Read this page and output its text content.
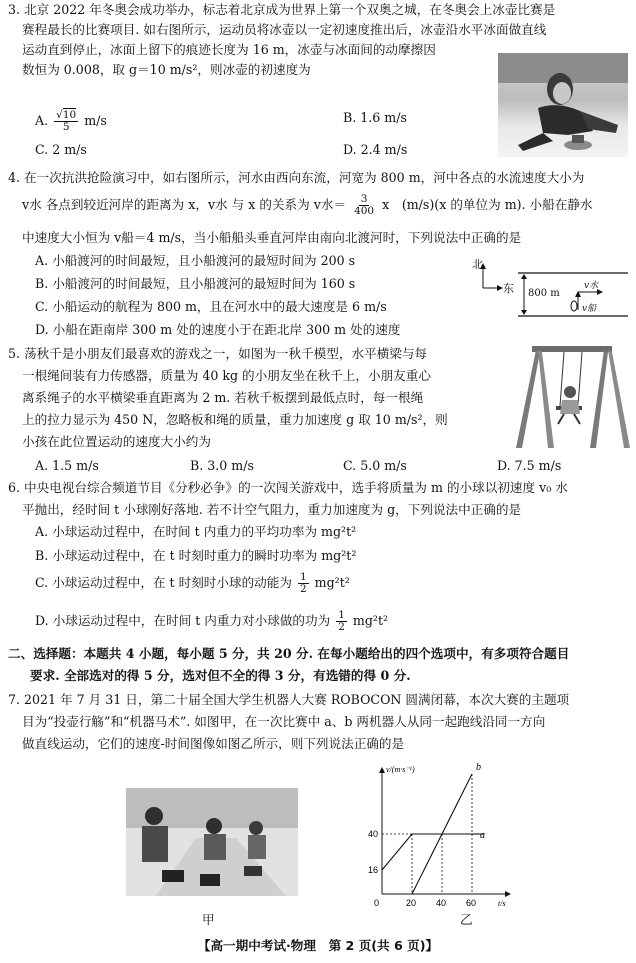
3. 北京 2022 年冬奥会成功举办，标志着北京成为世界上第一个双奥之城，在冬奥会上冰壶比赛是
赛程最长的比赛项目. 如右图所示，运动员将冰壶以一定初速度推出后，冰壶沿水平冰面做直线
运动直到停止，冰面上留下的痕迹长度为 16 m，冰壶与冰面间的动摩擦因
数恒为 0.008，取 g＝10 m/s²，则冰壶的初速度为
A. $\frac{√10}{5} m/s$	B. 1.6 m/s
C. 2 m/s	D. 2.4 m/s
4. 在一次抗洪抢险演习中，如右图所示，河水由西向东流，河宽为 800 m，河中各点的水流速度大小为
v水 各点到较近河岸的距离为 x，v水 与 x 的关系为 v水＝ $\frac{3}{400}$ x　(m/s)(x 的单位为 m). 小船在静水
中速度大小恒为 v船＝4 m/s，当小船船头垂直河岸由南向北渡河时，下列说法中正确的是
A. 小船渡河的时间最短，且小船渡河的最短时间为 200 s
B. 小船渡河的时间最短，且小船渡河的最短时间为 160 s
C. 小船运动的航程为 800 m，且在河水中的最大速度是 6 m/s
D. 小船在距南岸 300 m 处的速度小于在距北岸 300 m 处的速度
北
东 800 m
v水
v船
5. 荡秋千是小朋友们最喜欢的游戏之一，如图为一秋千模型，水平横梁与每
一根绳间装有力传感器，质量为 40 kg 的小朋友坐在秋千上，小朋友重心
离系绳子的水平横梁垂直距离为 2 m. 若秋千板摆到最低点时，每一根绳
上的拉力显示为 450 N，忽略板和绳的质量，重力加速度 g 取 10 m/s²，则
小孩在此位置运动的速度大小约为
A. 1.5 m/s	B. 3.0 m/s	C. 5.0 m/s	D. 7.5 m/s
6. 中央电视台综合频道节目《分秒必争》的一次闯关游戏中，选手将质量为 m 的小球以初速度 v₀ 水
平抛出，经时间 t 小球刚好落地. 若不计空气阻力，重力加速度为 g，下列说法中正确的是
A. 小球运动过程中，在时间 t 内重力的平均功率为 mg²t²
B. 小球运动过程中，在 t 时刻时重力的瞬时功率为 mg²t²
C. 小球运动过程中，在 t 时刻时小球的动能为 $\frac{1}{2} mg^2t^2$
D. 小球运动过程中，在时间 t 内重力对小球做的功为 $\frac{1}{2} mg^2t^2$
二、选择题：本题共 4 小题，每小题 5 分，共 20 分. 在每小题给出的四个选项中，有多项符合题目
要求. 全部选对的得 5 分，选对但不全的得 3 分，有选错的得 0 分.
7. 2021 年 7 月 31 日，第二十届全国大学生机器人大赛 ROBOCON 圆满闭幕，本次大赛的主题项
目为“投壶行觞”和“机器马术”. 如图甲，在一次比赛中 a、b 两机器人从同一起跑线沿同一方向
做直线运动，它们的速度-时间图像如图乙所示，则下列说法正确的是
甲
a
b
0	20 40 60
16
40
v/(m·s⁻¹)
t/s
乙
【高一期中考试·物理　第 2 页(共 6 页)】
